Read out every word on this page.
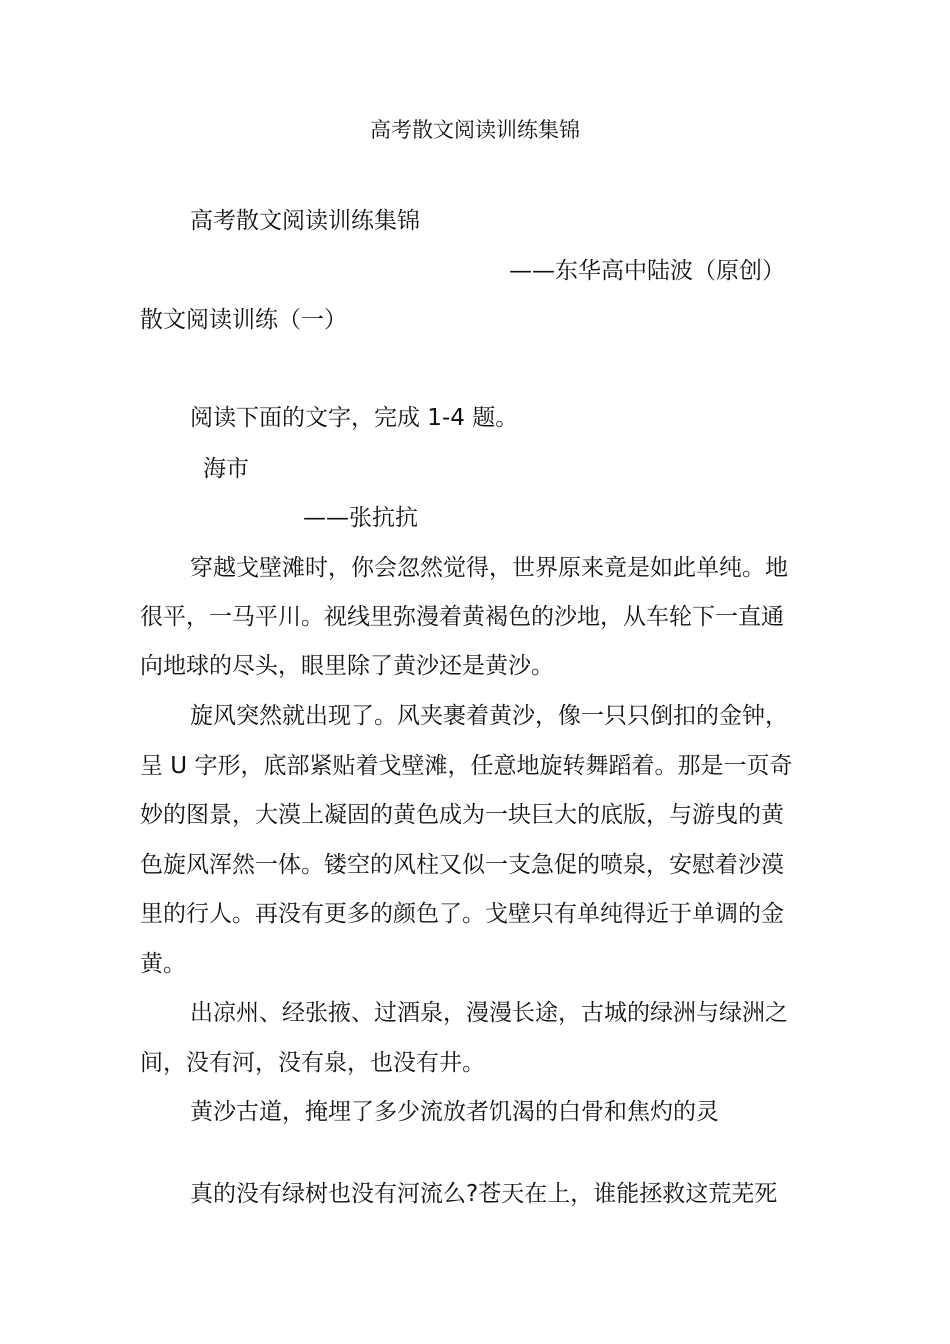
高考散文阅读训练集锦
高考散文阅读训练集锦
——东华高中陆波（原创）
散文阅读训练（一）
阅读下面的文字，完成 1-4 题。
海市
——张抗抗
穿越戈壁滩时，你会忽然觉得，世界原来竟是如此单纯。地
很平，一马平川。视线里弥漫着黄褐色的沙地，从车轮下一直通
向地球的尽头，眼里除了黄沙还是黄沙。
旋风突然就出现了。风夹裹着黄沙，像一只只倒扣的金钟，
呈 U 字形，底部紧贴着戈壁滩，任意地旋转舞蹈着。那是一页奇
妙的图景，大漠上凝固的黄色成为一块巨大的底版，与游曳的黄
色旋风浑然一体。镂空的风柱又似一支急促的喷泉，安慰着沙漠
里的行人。再没有更多的颜色了。戈壁只有单纯得近于单调的金
黄。
出凉州、经张掖、过酒泉，漫漫长途，古城的绿洲与绿洲之
间，没有河，没有泉，也没有井。
黄沙古道，掩埋了多少流放者饥渴的白骨和焦灼的灵
真的没有绿树也没有河流么?苍天在上，谁能拯救这荒芜死
